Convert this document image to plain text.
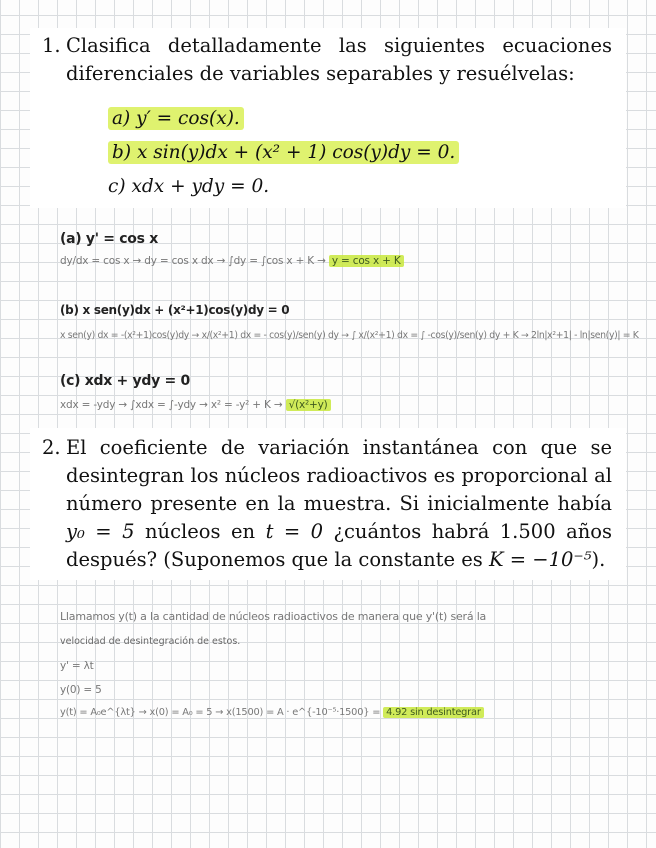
1. Clasifica detalladamente las siguientes ecuaciones diferenciales de variables separables y resuélvelas:
a) y′ = cos(x).
b) x sin(y)dx + (x² + 1) cos(y)dy = 0.
c) xdx + ydy = 0.
(a) y' = cos x
dy/dx = cos x → dy = cos x dx → ∫dy = ∫cos x + K → y = cos x + K
(b) x sen(y)dx + (x²+1)cos(y)dy = 0
x sen(y) dx = -(x²+1)cos(y)dy → x/(x²+1) dx = - cos(y)/sen(y) dy → ∫ x/(x²+1) dx = ∫ -cos(y)/sen(y) dy + K → 2ln|x²+1| - ln|sen(y)| = K
(c) xdx + ydy = 0
xdx = -ydy → ∫xdx = ∫-ydy → x² = -y² + K → √(x²+y)
2. El coeficiente de variación instantánea con que se desintegran los núcleos radioactivos es proporcional al número presente en la muestra. Si inicialmente había y₀ = 5 núcleos en t = 0 ¿cuántos habrá 1.500 años después? (Suponemos que la constante es K = −10⁻⁵).
Llamamos y(t) a la cantidad de núcleos radioactivos de manera que y'(t) será la
velocidad de desintegración de estos.
y' = λt
y(0) = 5
y(t) = A₀e^{λt} → x(0) = A₀ = 5 → x(1500) = A · e^{-10⁻⁵·1500} = 4.92 sin desintegrar
